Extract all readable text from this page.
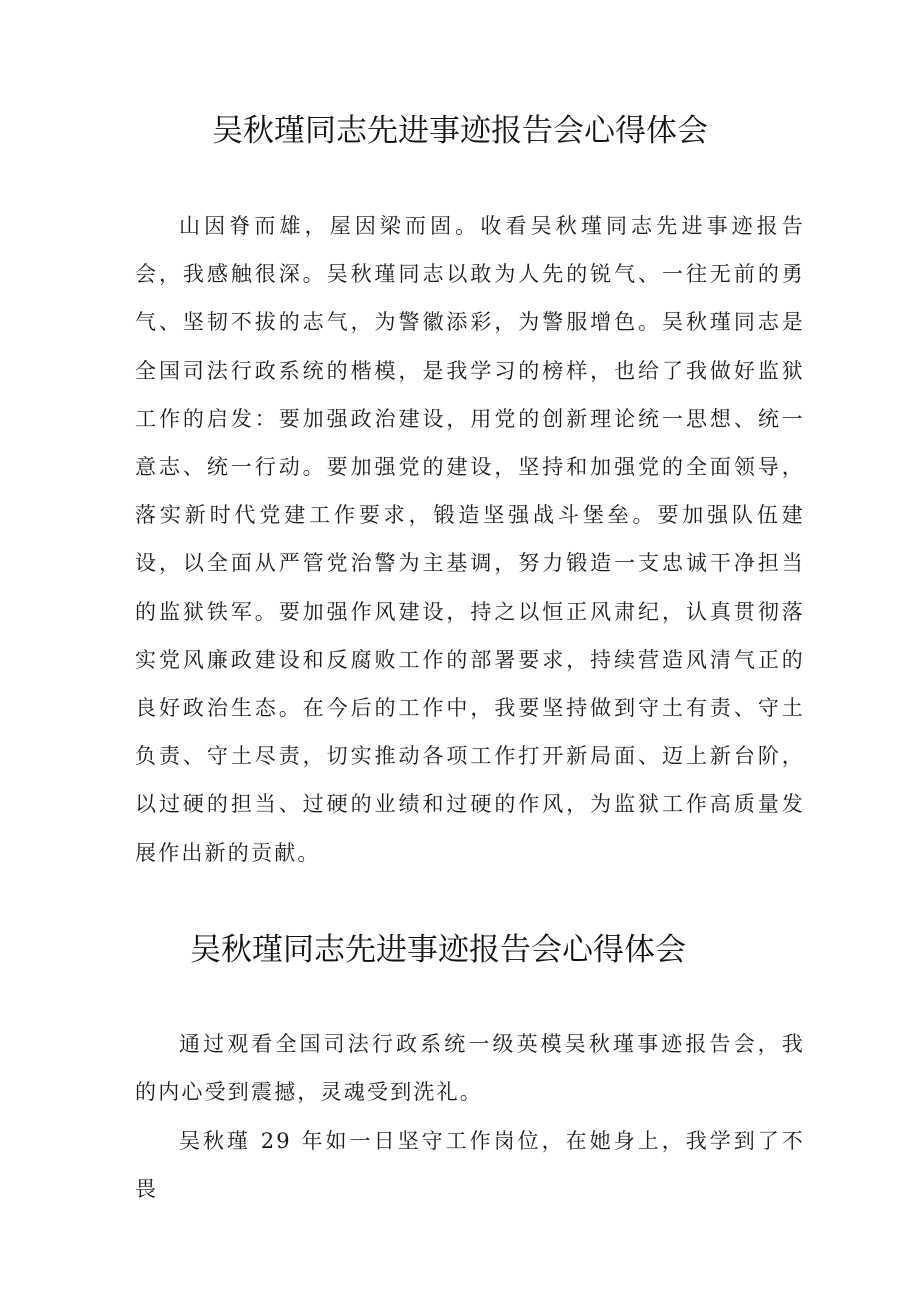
吴秋瑾同志先进事迹报告会心得体会

山因脊而雄，屋因梁而固。收看吴秋瑾同志先进事迹报告会，我感触很深。吴秋瑾同志以敢为人先的锐气、一往无前的勇气、坚韧不拔的志气，为警徽添彩，为警服增色。吴秋瑾同志是全国司法行政系统的楷模，是我学习的榜样，也给了我做好监狱工作的启发：要加强政治建设，用党的创新理论统一思想、统一意志、统一行动。要加强党的建设，坚持和加强党的全面领导，落实新时代党建工作要求，锻造坚强战斗堡垒。要加强队伍建设，以全面从严管党治警为主基调，努力锻造一支忠诚干净担当的监狱铁军。要加强作风建设，持之以恒正风肃纪，认真贯彻落实党风廉政建设和反腐败工作的部署要求，持续营造风清气正的良好政治生态。在今后的工作中，我要坚持做到守土有责、守土负责、守土尽责，切实推动各项工作打开新局面、迈上新台阶，以过硬的担当、过硬的业绩和过硬的作风，为监狱工作高质量发展作出新的贡献。

吴秋瑾同志先进事迹报告会心得体会

通过观看全国司法行政系统一级英模吴秋瑾事迹报告会，我的内心受到震撼，灵魂受到洗礼。

吴秋瑾 29 年如一日坚守工作岗位，在她身上，我学到了不畏
